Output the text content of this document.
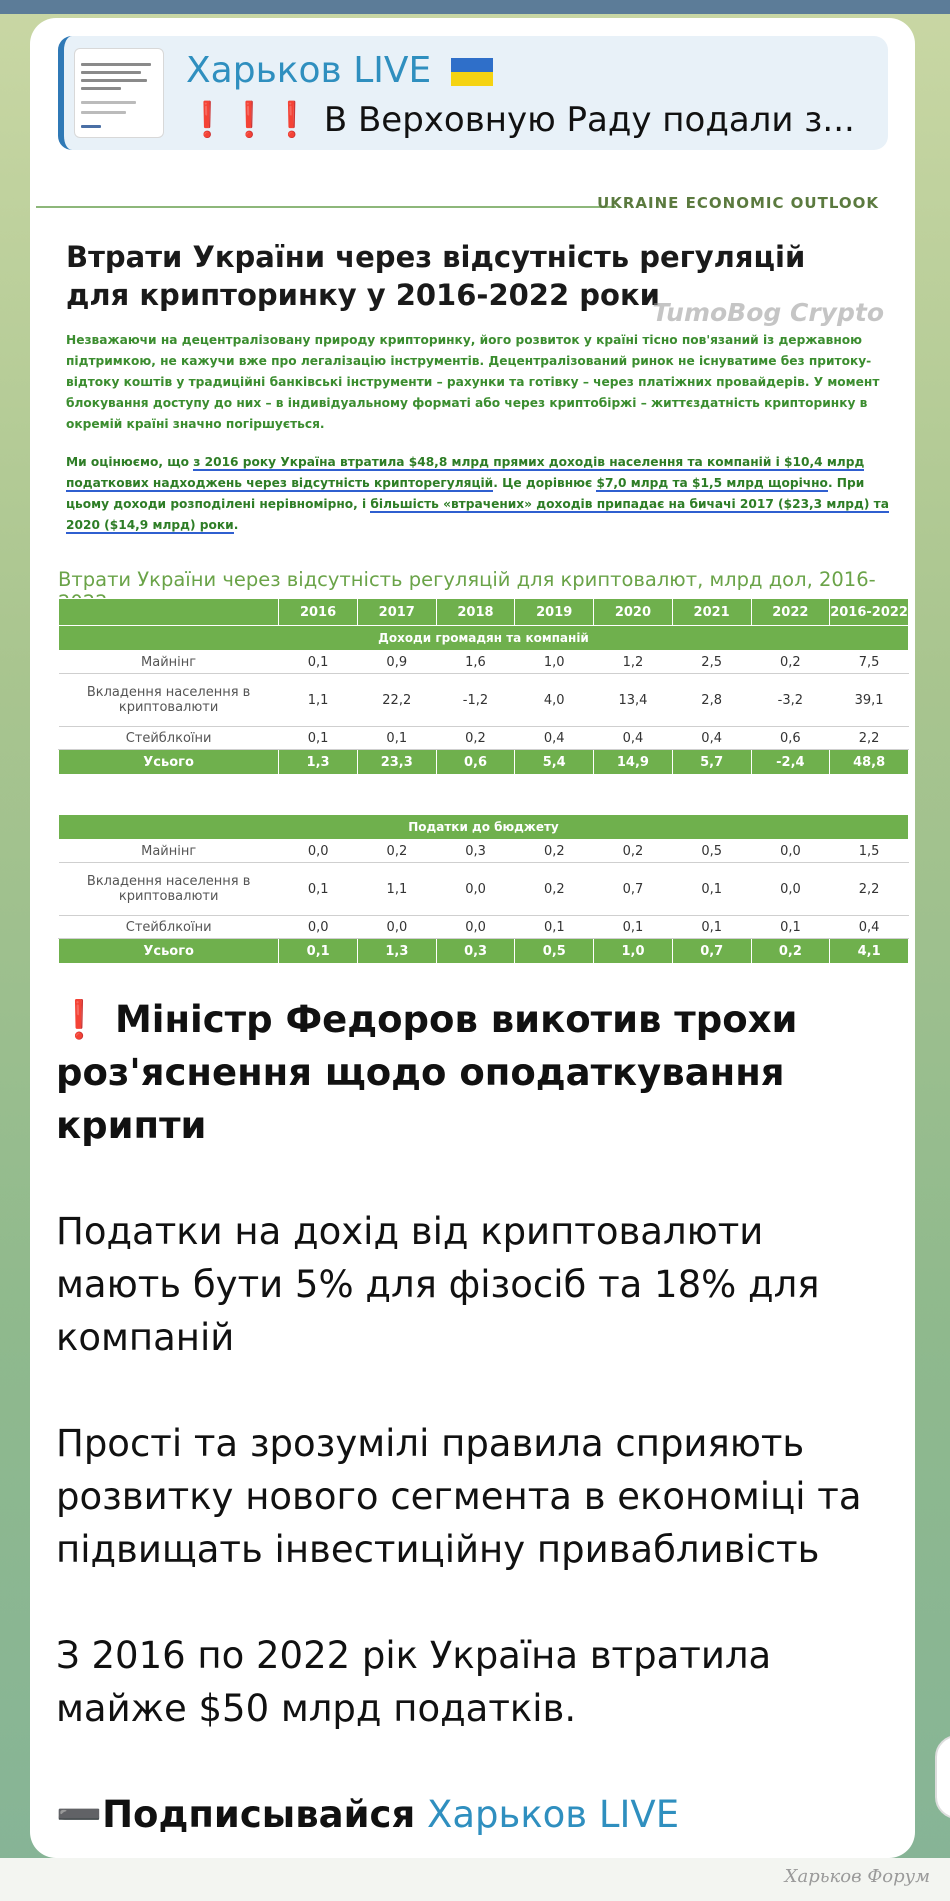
Харьков LIVE
❗❗❗ В Верховную Раду подали з...
UKRAINE ECONOMIC OUTLOOK
Втрати України через відсутність регуляцій для крипторинку у 2016-2022 роки
TumoBog Crypto
Незважаючи на децентралізовану природу крипторинку, його розвиток у країні тісно пов'язаний із державною підтримкою, не кажучи вже про легалізацію інструментів. Децентралізований ринок не існуватиме без притоку-відтоку коштів у традиційні банківські інструменти – рахунки та готівку – через платіжних провайдерів. У момент блокування доступу до них – в індивідуальному форматі або через криптобіржі – життєздатність крипторинку в окремій країні значно погіршується.
Ми оцінюємо, що з 2016 року Україна втратила $48,8 млрд прямих доходів населення та компаній і $10,4 млрд податкових надходжень через відсутність крипторегуляцій. Це дорівнює $7,0 млрд та $1,5 млрд щорічно. При цьому доходи розподілені нерівномірно, і більшість «втрачених» доходів припадає на бичачі 2017 ($23,3 млрд) та 2020 ($14,9 млрд) роки.
Втрати України через відсутність регуляцій для криптовалют, млрд дол, 2016-
	2016	2017	2018	2019	2020	2021	2022	2016-2022
Доходи громадян та компаній								
Майнінг	0,1	0,9	1,6	1,0	1,2	2,5	0,2	7,5
Вкладення населення в криптовалюти	1,1	22,2	-1,2	4,0	13,4	2,8	-3,2	39,1
Стейблкоїни	0,1	0,1	0,2	0,4	0,4	0,4	0,6	2,2
Усього	1,3	23,3	0,6	5,4	14,9	5,7	-2,4	48,8
Податки до бюджету								
Майнінг	0,0	0,2	0,3	0,2	0,2	0,5	0,0	1,5
Вкладення населення в криптовалюти	0,1	1,1	0,0	0,2	0,7	0,1	0,0	2,2
Стейблкоїни	0,0	0,0	0,0	0,1	0,1	0,1	0,1	0,4
Усього	0,1	1,3	0,3	0,5	1,0	0,7	0,2	4,1

❗ Міністр Федоров викотив трохи роз'яснення щодо оподаткування крипти

Податки на дохід від криптовалюти мають бути 5% для фізосіб та 18% для компаній

Прості та зрозумілі правила сприяють розвитку нового сегмента в економіці та підвищать інвестиційну привабливість

З 2016 по 2022 рік Україна втратила майже $50 млрд податків.

➖Подписывайся Харьков LIVE

Харьков Форум
